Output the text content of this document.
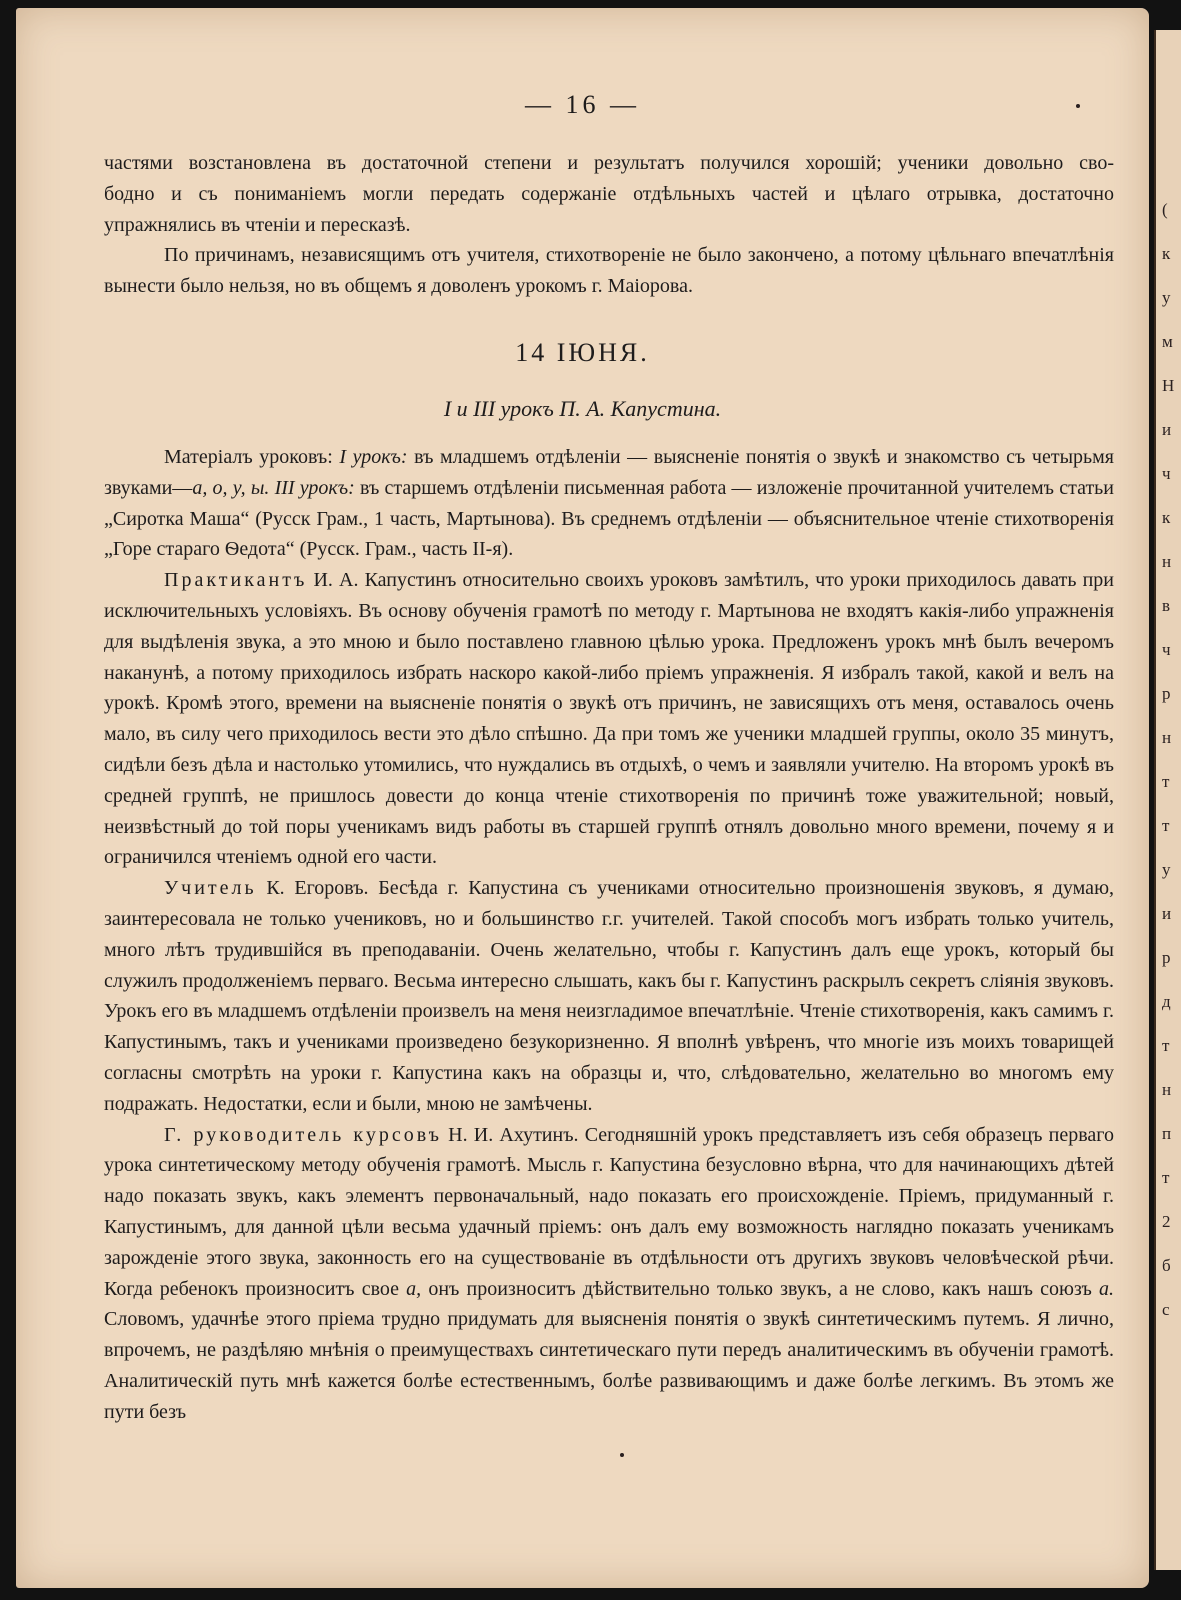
(
к
у
м
Н
и
ч
к
н
в
ч
р
н
т
т
у
и
р
д
т
н
п
т
2
б
с
— 16 —

частями возстановлена въ достаточной степени и результатъ получился хорошій; ученики довольно сво-

бодно и съ пониманіемъ могли передать содержаніе отдѣльныхъ частей и цѣлаго отрывка, достаточно

упражнялись въ чтеніи и пересказѣ.

По причинамъ, независящимъ отъ учителя, стихотвореніе не было закончено, а потому цѣльнаго впечатлѣнія вынести было нельзя, но въ общемъ я доволенъ урокомъ г. Маіорова.

14 ІЮНЯ.
I и III урокъ П. А. Капустина.

Матеріалъ уроковъ: I урокъ: въ младшемъ отдѣленіи — выясненіе понятія о звукѣ и знакомство съ четырьмя звуками—а, о, у, ы. III урокъ: въ старшемъ отдѣленіи письменная работа — изложеніе прочитанной учителемъ статьи „Сиротка Маша“ (Русск Грам., 1 часть, Мартынова). Въ среднемъ отдѣленіи — объяснительное чтеніе стихотворенія „Горе стараго Ѳедота“ (Русск. Грам., часть II-я).

Практикантъ И. А. Капустинъ относительно своихъ уроковъ замѣтилъ, что уроки приходилось давать при исключительныхъ условіяхъ. Въ основу обученія грамотѣ по методу г. Мартынова не входятъ какія-либо упражненія для выдѣленія звука, а это мною и было поставлено главною цѣлью урока. Предложенъ урокъ мнѣ былъ вечеромъ наканунѣ, а потому приходилось избрать наскоро какой-либо пріемъ упражненія. Я избралъ такой, какой и велъ на урокѣ. Кромѣ этого, времени на выясненіе понятія о звукѣ отъ причинъ, не зависящихъ отъ меня, оставалось очень мало, въ силу чего приходилось вести это дѣло спѣшно. Да при томъ же ученики младшей группы, около 35 минутъ, сидѣли безъ дѣла и настолько утомились, что нуждались въ отдыхѣ, о чемъ и заявляли учителю. На второмъ урокѣ въ средней группѣ, не пришлось довести до конца чтеніе стихотворенія по причинѣ тоже уважительной; новый, неизвѣстный до той поры ученикамъ видъ работы въ старшей группѣ отнялъ довольно много времени, почему я и ограничился чтеніемъ одной его части.

Учитель К. Егоровъ. Бесѣда г. Капустина съ учениками относительно произношенія звуковъ, я думаю, заинтересовала не только учениковъ, но и большинство г.г. учителей. Такой способъ могъ избрать только учитель, много лѣтъ трудившійся въ преподаваніи. Очень желательно, чтобы г. Капустинъ далъ еще урокъ, который бы служилъ продолженіемъ перваго. Весьма интересно слышать, какъ бы г. Капустинъ раскрылъ секретъ слiянія звуковъ. Урокъ его въ младшемъ отдѣленіи произвелъ на меня неизгладимое впечатлѣніе. Чтеніе стихотворенія, какъ самимъ г. Капустинымъ, такъ и учениками произведено безукоризненно. Я вполнѣ увѣренъ, что многіе изъ моихъ товарищей согласны смотрѣть на уроки г. Капустина какъ на образцы и, что, слѣдовательно, желательно во многомъ ему подражать. Недостатки, если и были, мною не замѣчены.

Г. руководитель курсовъ Н. И. Ахутинъ. Сегодняшній урокъ представляетъ изъ себя образецъ перваго урока синтетическому методу обученія грамотѣ. Мысль г. Капустина безусловно вѣрна, что для начинающихъ дѣтей надо показать звукъ, какъ элементъ первоначальный, надо показать его происхожденіе. Пріемъ, придуманный г. Капустинымъ, для данной цѣли весьма удачный пріемъ: онъ далъ ему возможность наглядно показать ученикамъ зарожденіе этого звука, законность его на существованіе въ отдѣльности отъ другихъ звуковъ человѣческой рѣчи. Когда ребенокъ произноситъ свое а, онъ произноситъ дѣйствительно только звукъ, а не слово, какъ нашъ союзъ а. Словомъ, удачнѣе этого пріема трудно придумать для выясненія понятія о звукѣ синтетическимъ путемъ. Я лично, впрочемъ, не раздѣляю мнѣнія о преимуществахъ синтетическаго пути передъ аналитическимъ въ обученіи грамотѣ. Аналитическій путь мнѣ кажется болѣе естественнымъ, болѣе развивающимъ и даже болѣе легкимъ. Въ этомъ же пути безъ
